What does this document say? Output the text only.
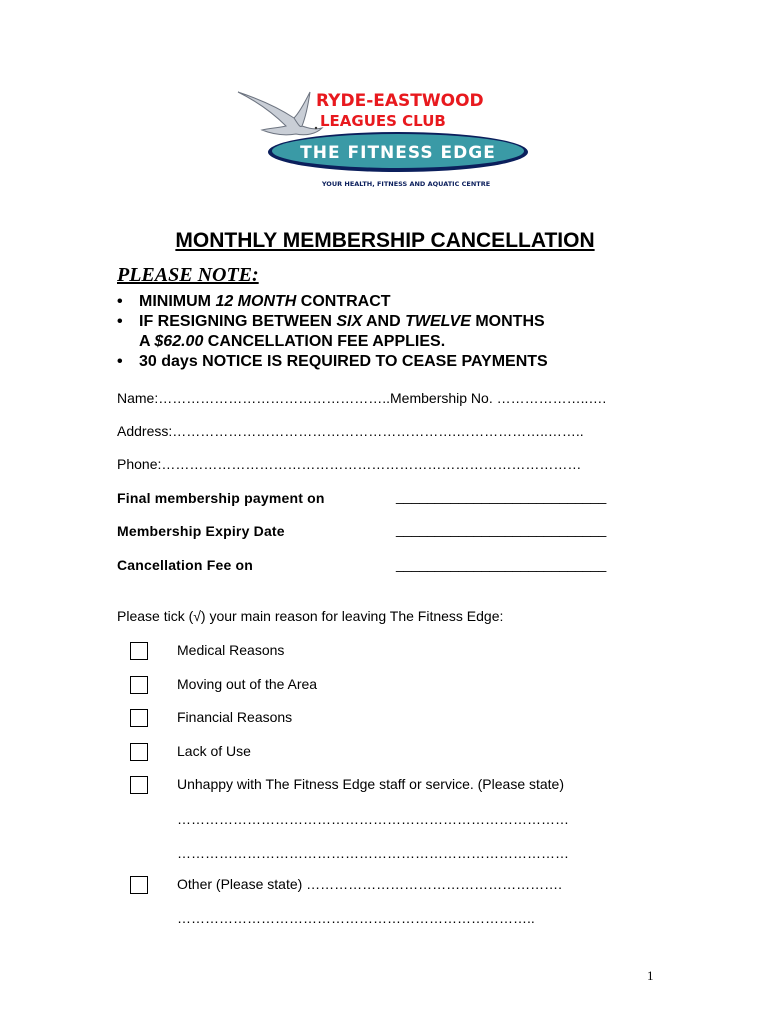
RYDE-EASTWOOD
LEAGUES CLUB
THE FITNESS EDGE
YOUR HEALTH, FITNESS AND AQUATIC CENTRE
MONTHLY MEMBERSHIP CANCELLATION
PLEASE NOTE:
• MINIMUM 12 MONTH CONTRACT
• IF RESIGNING BETWEEN SIX AND TWELVE MONTHS
A $62.00 CANCELLATION FEE APPLIES.
• 30 days NOTICE IS REQUIRED TO CEASE PAYMENTS
Name:…………………………………………..Membership No. ………………..….
Address:…………………………………………………….………………..……..
Phone:………………………………………………………………………………
Final membership payment on	___________________________
Membership Expiry Date	___________________________
Cancellation Fee on	___________________________
Please tick (√) your main reason for leaving The Fitness Edge:
Medical Reasons
Moving out of the Area
Financial Reasons
Lack of Use
Unhappy with The Fitness Edge staff or service. (Please state)
…………………………………………………………………………
…………………………………………………………………………
Other (Please state) ……………………………………………….
…………………………………………………………………..
1
